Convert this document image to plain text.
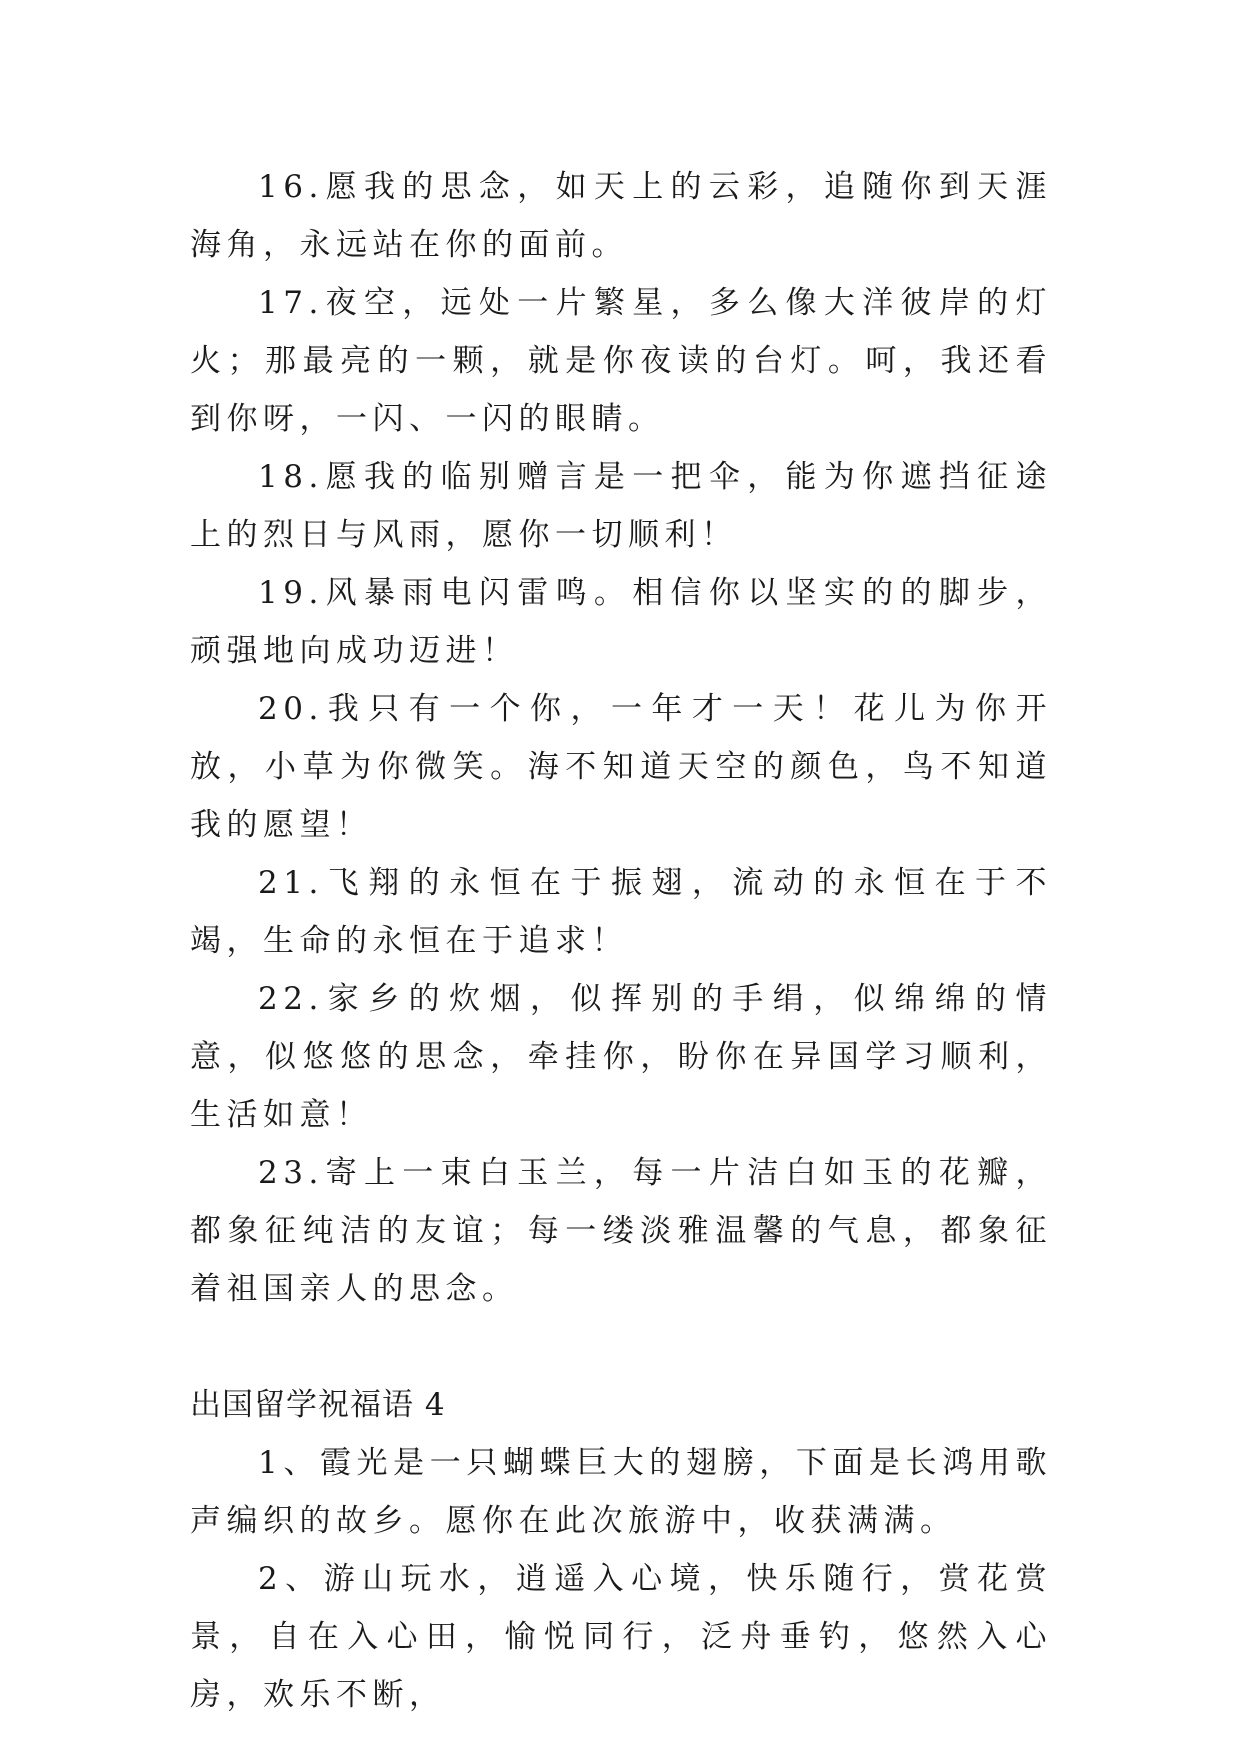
16.愿我的思念，如天上的云彩，追随你到天涯海角，永远站在你的面前。

17.夜空，远处一片繁星，多么像大洋彼岸的灯火；那最亮的一颗，就是你夜读的台灯。呵，我还看到你呀，一闪、一闪的眼睛。

18.愿我的临别赠言是一把伞，能为你遮挡征途上的烈日与风雨，愿你一切顺利！

19.风暴雨电闪雷鸣。相信你以坚实的的脚步，顽强地向成功迈进！

20.我只有一个你，一年才一天！花儿为你开放，小草为你微笑。海不知道天空的颜色，鸟不知道我的愿望！

21.飞翔的永恒在于振翅，流动的永恒在于不竭，生命的永恒在于追求！

22.家乡的炊烟，似挥别的手绢，似绵绵的情意，似悠悠的思念，牵挂你，盼你在异国学习顺利，生活如意！

23.寄上一束白玉兰，每一片洁白如玉的花瓣，都象征纯洁的友谊；每一缕淡雅温馨的气息，都象征着祖国亲人的思念。

出国留学祝福语 4

1、霞光是一只蝴蝶巨大的翅膀，下面是长鸿用歌声编织的故乡。愿你在此次旅游中，收获满满。

2、游山玩水，逍遥入心境，快乐随行，赏花赏景，自在入心田，愉悦同行，泛舟垂钓，悠然入心房，欢乐不断，
